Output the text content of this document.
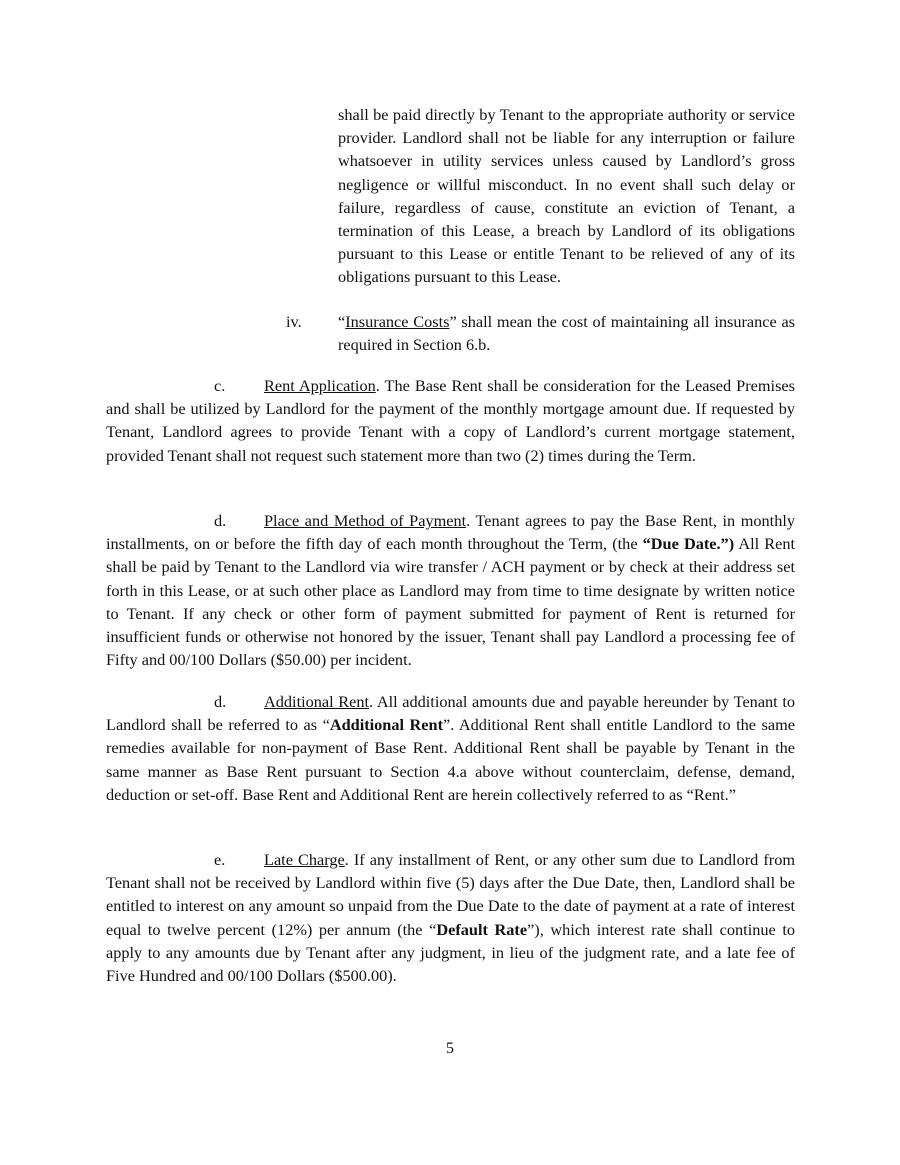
shall be paid directly by Tenant to the appropriate authority or service provider. Landlord shall not be liable for any interruption or failure whatsoever in utility services unless caused by Landlord’s gross negligence or willful misconduct. In no event shall such delay or failure, regardless of cause, constitute an eviction of Tenant, a termination of this Lease, a breach by Landlord of its obligations pursuant to this Lease or entitle Tenant to be relieved of any of its obligations pursuant to this Lease.

iv. “Insurance Costs” shall mean the cost of maintaining all insurance as required in Section 6.b.

c. Rent Application. The Base Rent shall be consideration for the Leased Premises and shall be utilized by Landlord for the payment of the monthly mortgage amount due. If requested by Tenant, Landlord agrees to provide Tenant with a copy of Landlord’s current mortgage statement, provided Tenant shall not request such statement more than two (2) times during the Term.

d. Place and Method of Payment. Tenant agrees to pay the Base Rent, in monthly installments, on or before the fifth day of each month throughout the Term, (the “Due Date.”) All Rent shall be paid by Tenant to the Landlord via wire transfer / ACH payment or by check at their address set forth in this Lease, or at such other place as Landlord may from time to time designate by written notice to Tenant. If any check or other form of payment submitted for payment of Rent is returned for insufficient funds or otherwise not honored by the issuer, Tenant shall pay Landlord a processing fee of Fifty and 00/100 Dollars ($50.00) per incident.

d. Additional Rent. All additional amounts due and payable hereunder by Tenant to Landlord shall be referred to as “Additional Rent”. Additional Rent shall entitle Landlord to the same remedies available for non-payment of Base Rent. Additional Rent shall be payable by Tenant in the same manner as Base Rent pursuant to Section 4.a above without counterclaim, defense, demand, deduction or set-off. Base Rent and Additional Rent are herein collectively referred to as “Rent.”

e. Late Charge. If any installment of Rent, or any other sum due to Landlord from Tenant shall not be received by Landlord within five (5) days after the Due Date, then, Landlord shall be entitled to interest on any amount so unpaid from the Due Date to the date of payment at a rate of interest equal to twelve percent (12%) per annum (the “Default Rate”), which interest rate shall continue to apply to any amounts due by Tenant after any judgment, in lieu of the judgment rate, and a late fee of Five Hundred and 00/100 Dollars ($500.00).

5
